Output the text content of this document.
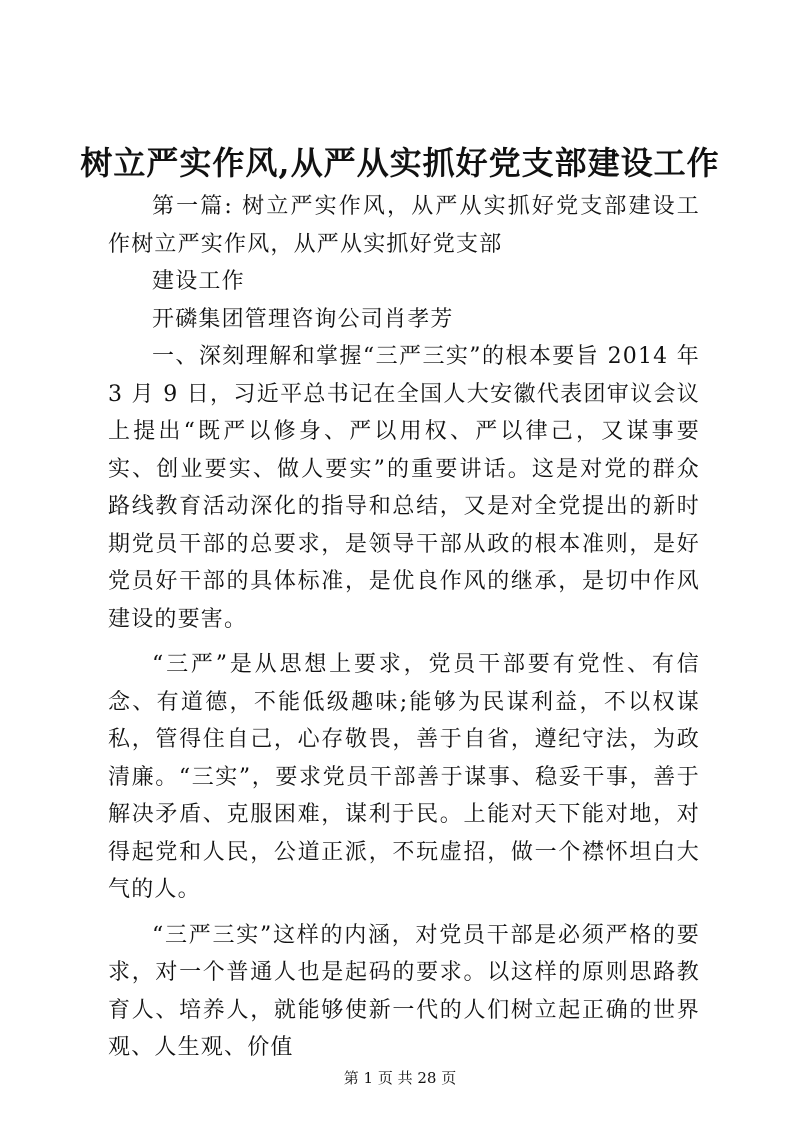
树立严实作风,从严从实抓好党支部建设工作

第一篇: 树立严实作风，从严从实抓好党支部建设工作树立严实作风，从严从实抓好党支部

建设工作

开磷集团管理咨询公司肖孝芳

一、深刻理解和掌握“三严三实”的根本要旨 2014 年 3 月 9 日，习近平总书记在全国人大安徽代表团审议会议上提出“既严以修身、严以用权、严以律己，又谋事要实、创业要实、做人要实”的重要讲话。这是对党的群众路线教育活动深化的指导和总结，又是对全党提出的新时期党员干部的总要求，是领导干部从政的根本准则，是好党员好干部的具体标准，是优良作风的继承，是切中作风建设的要害。

“三严”是从思想上要求，党员干部要有党性、有信念、有道德，不能低级趣味;能够为民谋利益，不以权谋私，管得住自己，心存敬畏，善于自省，遵纪守法，为政清廉。“三实”，要求党员干部善于谋事、稳妥干事，善于解决矛盾、克服困难，谋利于民。上能对天下能对地，对得起党和人民，公道正派，不玩虚招，做一个襟怀坦白大气的人。

“三严三实”这样的内涵，对党员干部是必须严格的要求，对一个普通人也是起码的要求。以这样的原则思路教育人、培养人，就能够使新一代的人们树立起正确的世界观、人生观、价值

第 1 页 共 28 页
